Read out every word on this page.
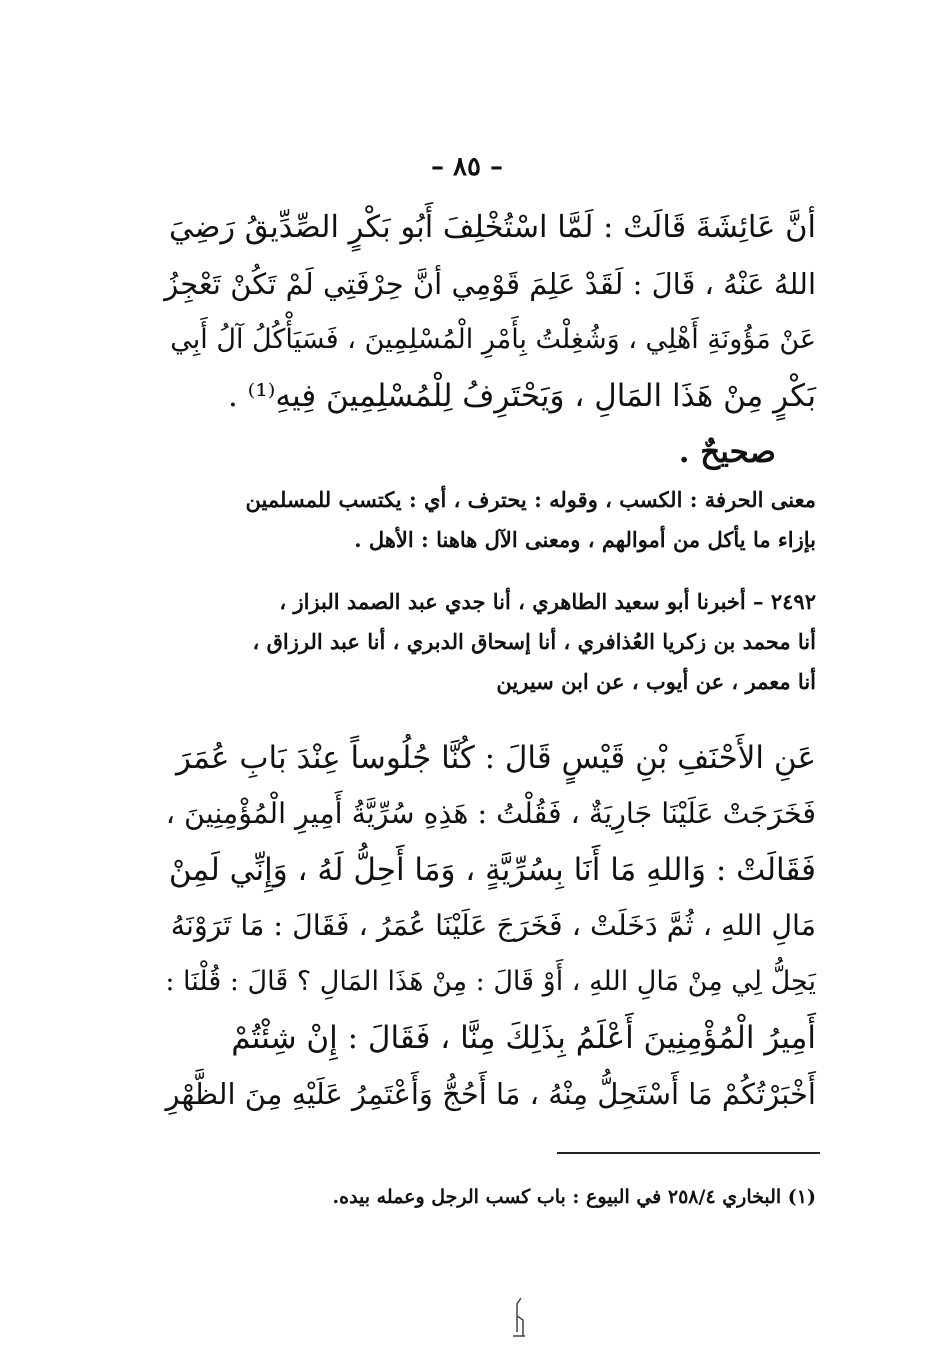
– ٨٥ –
أنَّ عَائِشَةَ قَالَتْ : لَمَّا اسْتُخْلِفَ أَبُو بَكْرٍ الصِّدِّيقُ رَضِيَ
اللهُ عَنْهُ ، قَالَ : لَقَدْ عَلِمَ قَوْمِي أنَّ حِرْفَتِي لَمْ تَكُنْ تَعْجِزُ
عَنْ مَؤُونَةِ أَهْلِي ، وَشُغِلْتُ بِأَمْرِ الْمُسْلِمِينَ ، فَسَيَأْكُلُ آلُ أَبِي
بَكْرٍ مِنْ هَذَا المَالِ ، وَيَحْتَرِفُ لِلْمُسْلِمِينَ فِيهِ⁽¹⁾ .
صحيحٌ .
معنى الحرفة : الكسب ، وقوله : يحترف ، أي : يكتسب للمسلمين
بإزاء ما يأكل من أموالهم ، ومعنى الآل هاهنا : الأهل .
٢٤٩٢ – أخبرنا أبو سعيد الطاهري ، أنا جدي عبد الصمد البزاز ،
أنا محمد بن زكريا العُذافري ، أنا إسحاق الدبري ، أنا عبد الرزاق ،
أنا معمر ، عن أيوب ، عن ابن سيرين
عَنِ الأَحْنَفِ بْنِ قَيْسٍ قَالَ : كُنَّا جُلُوساً عِنْدَ بَابِ عُمَرَ
فَخَرَجَتْ عَلَيْنَا جَارِيَةٌ ، فَقُلْتُ : هَذِهِ سُرِّيَّةُ أَمِيرِ الْمُؤْمِنِينَ ،
فَقَالَتْ : وَاللهِ مَا أَنَا بِسُرِّيَّةٍ ، وَمَا أَحِلُّ لَهُ ، وَإِنِّي لَمِنْ
مَالِ اللهِ ، ثُمَّ دَخَلَتْ ، فَخَرَجَ عَلَيْنَا عُمَرُ ، فَقَالَ : مَا تَرَوْنَهُ
يَحِلُّ لِي مِنْ مَالِ اللهِ ، أَوْ قَالَ : مِنْ هَذَا المَالِ ؟ قَالَ : قُلْنَا :
أَمِيرُ الْمُؤْمِنِينَ أَعْلَمُ بِذَلِكَ مِنَّا ، فَقَالَ : إِنْ شِئْتُمْ
أَخْبَرْتُكُمْ مَا أَسْتَحِلُّ مِنْهُ ، مَا أَحُجُّ وَأَعْتَمِرُ عَلَيْهِ مِنَ الظَّهْرِ
(١) البخاري ٢٥٨/٤ في البيوع : باب كسب الرجل وعمله بيده.
